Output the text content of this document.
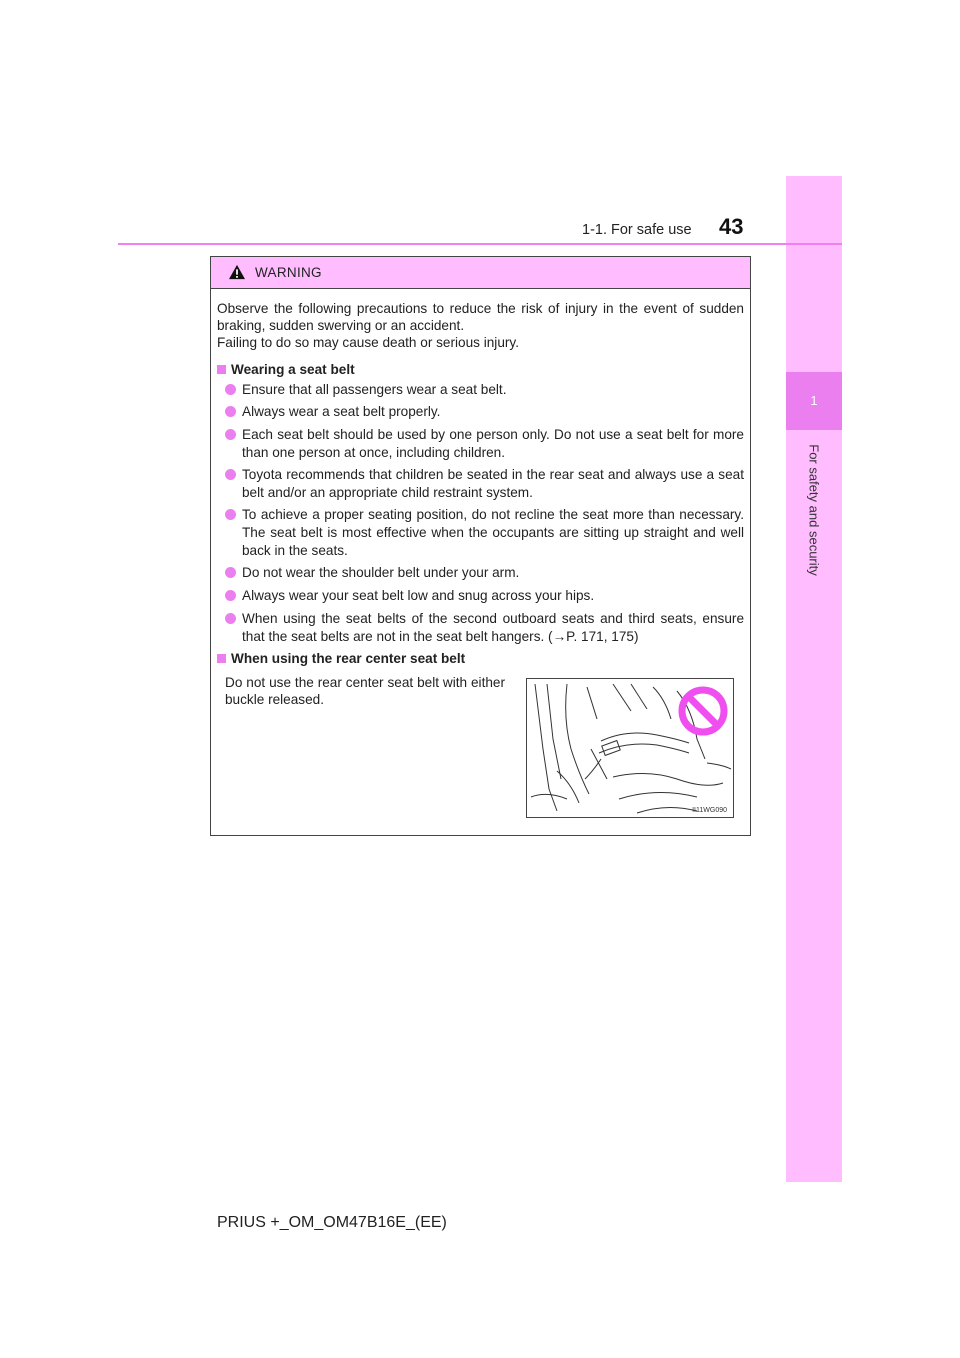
1
For safety and security
1-1. For safe use 43
WARNING
Observe the following precautions to reduce the risk of injury in the event of sudden braking, sudden swerving or an accident.
Failing to do so may cause death or serious injury.
Wearing a seat belt
Ensure that all passengers wear a seat belt.
Always wear a seat belt properly.
Each seat belt should be used by one person only. Do not use a seat belt for more than one person at once, including children.
Toyota recommends that children be seated in the rear seat and always use a seat belt and/or an appropriate child restraint system.
To achieve a proper seating position, do not recline the seat more than necessary. The seat belt is most effective when the occupants are sitting up straight and well back in the seats.
Do not wear the shoulder belt under your arm.
Always wear your seat belt low and snug across your hips.
When using the seat belts of the second outboard seats and third seats, ensure that the seat belts are not in the seat belt hangers. (→P. 171, 175)
When using the rear center seat belt
Do not use the rear center seat belt with either buckle released.
II11WG090
PRIUS +_OM_OM47B16E_(EE)
